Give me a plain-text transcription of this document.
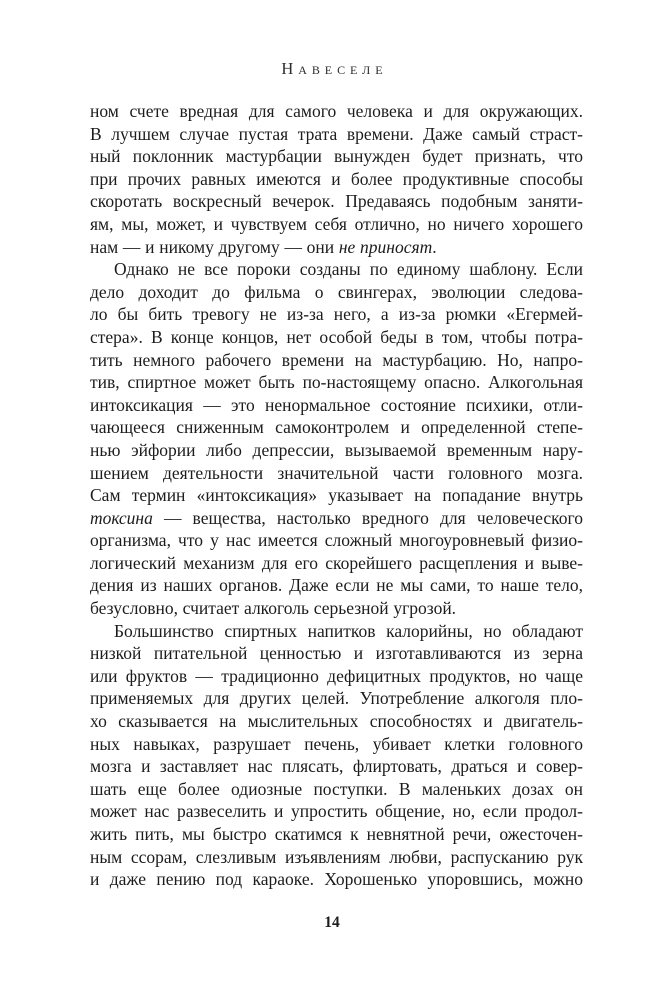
Навеселе
ном счете вредная для самого человека и для окружающих.
В лучшем случае пустая трата времени. Даже самый страст-
ный поклонник мастурбации вынужден будет признать, что
при прочих равных имеются и более продуктивные способы
скоротать воскресный вечерок. Предаваясь подобным заняти-
ям, мы, может, и чувствуем себя отлично, но ничего хорошего
нам — и никому другому — они не приносят.
Однако не все пороки созданы по единому шаблону. Если
дело доходит до фильма о свингерах, эволюции следова-
ло бы бить тревогу не из-за него, а из-за рюмки «Егермей-
стера». В конце концов, нет особой беды в том, чтобы потра-
тить немного рабочего времени на мастурбацию. Но, напро-
тив, спиртное может быть по-настоящему опасно. Алкогольная
интоксикация — это ненормальное состояние психики, отли-
чающееся сниженным самоконтролем и определенной степе-
нью эйфории либо депрессии, вызываемой временным нару-
шением деятельности значительной части головного мозга.
Сам термин «интоксикация» указывает на попадание внутрь
токсина — вещества, настолько вредного для человеческого
организма, что у нас имеется сложный многоуровневый физио-
логический механизм для его скорейшего расщепления и выве-
дения из наших органов. Даже если не мы сами, то наше тело,
безусловно, считает алкоголь серьезной угрозой.
Большинство спиртных напитков калорийны, но обладают
низкой питательной ценностью и изготавливаются из зерна
или фруктов — традиционно дефицитных продуктов, но чаще
применяемых для других целей. Употребление алкоголя пло-
хо сказывается на мыслительных способностях и двигатель-
ных навыках, разрушает печень, убивает клетки головного
мозга и заставляет нас плясать, флиртовать, драться и совер-
шать еще более одиозные поступки. В маленьких дозах он
может нас развеселить и упростить общение, но, если продол-
жить пить, мы быстро скатимся к невнятной речи, ожесточен-
ным ссорам, слезливым изъявлениям любви, распусканию рук
и даже пению под караоке. Хорошенько упоровшись, можно
14
